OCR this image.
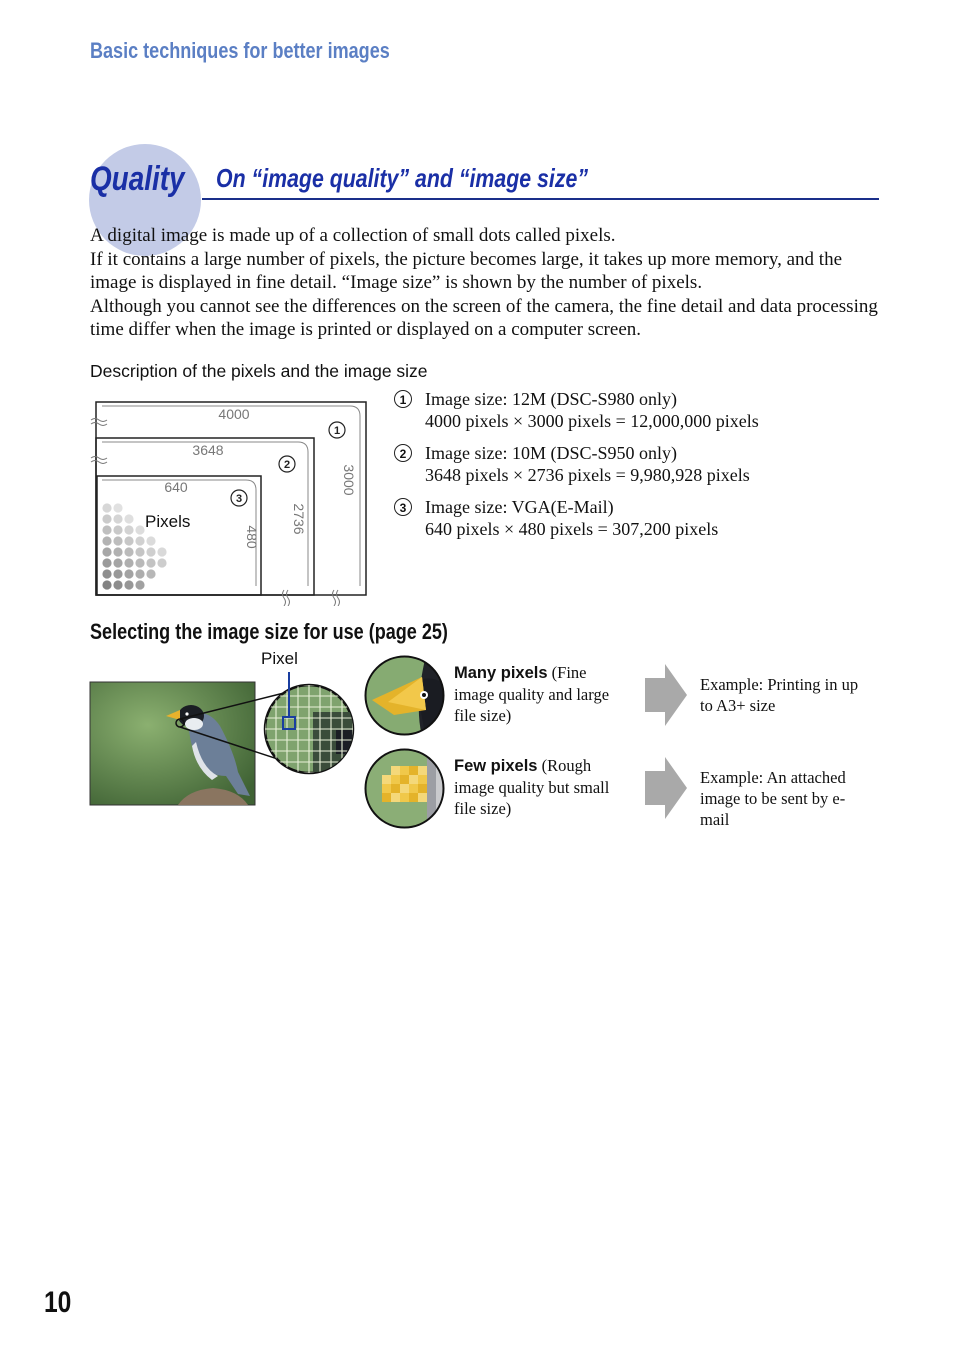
Basic techniques for better images
Quality On “image quality” and “image size”

A digital image is made up of a collection of small dots called pixels.

If it contains a large number of pixels, the picture becomes large, it takes up more memory, and the image is displayed in fine detail. “Image size” is shown by the number of pixels.

Although you cannot see the differences on the screen of the camera, the fine detail and data processing time differ when the image is printed or displayed on a computer screen.

Description of the pixels and the image size
4000
3000
3648
2736
640
480
1
2
3
Pixels
1	Image size: 12M (DSC-S980 only)
4000 pixels × 3000 pixels = 12,000,000 pixels
2	Image size: 10M (DSC-S950 only)
3648 pixels × 2736 pixels = 9,980,928 pixels
3	Image size: VGA(E-Mail)
640 pixels × 480 pixels = 307,200 pixels
Selecting the image size for use (page 25)
Pixel
Many pixels (Fine image quality and large file size)
Few pixels (Rough image quality but small file size)
Example: Printing in up to A3+ size
Example: An attached image to be sent by e-mail
10
